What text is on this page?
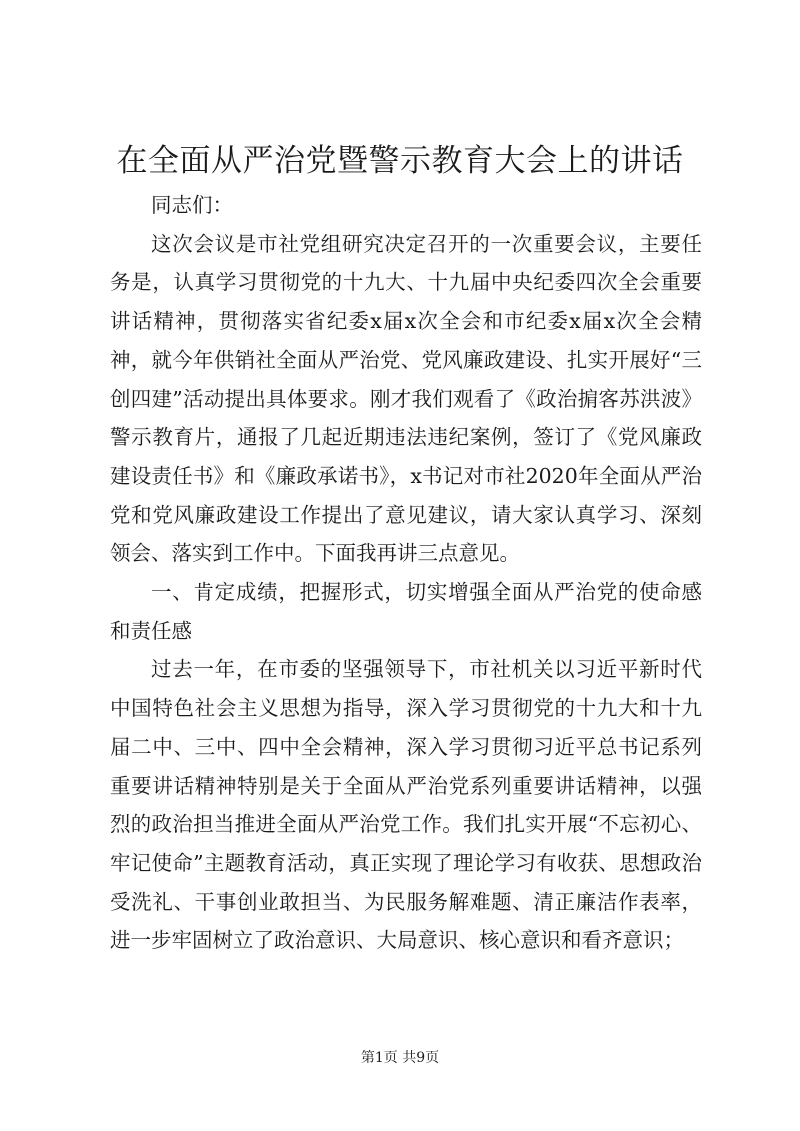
在全面从严治党暨警示教育大会上的讲话

同志们：

这次会议是市社党组研究决定召开的一次重要会议，主要任务是，认真学习贯彻党的十九大、十九届中央纪委四次全会重要讲话精神，贯彻落实省纪委x届x次全会和市纪委x届x次全会精神，就今年供销社全面从严治党、党风廉政建设、扎实开展好“三创四建”活动提出具体要求。刚才我们观看了《政治掮客苏洪波》警示教育片，通报了几起近期违法违纪案例，签订了《党风廉政建设责任书》和《廉政承诺书》，x书记对市社2020年全面从严治党和党风廉政建设工作提出了意见建议，请大家认真学习、深刻领会、落实到工作中。下面我再讲三点意见。

一、肯定成绩，把握形式，切实增强全面从严治党的使命感和责任感

过去一年，在市委的坚强领导下，市社机关以习近平新时代中国特色社会主义思想为指导，深入学习贯彻党的十九大和十九届二中、三中、四中全会精神，深入学习贯彻习近平总书记系列重要讲话精神特别是关于全面从严治党系列重要讲话精神，以强烈的政治担当推进全面从严治党工作。我们扎实开展“不忘初心、牢记使命”主题教育活动，真正实现了理论学习有收获、思想政治受洗礼、干事创业敢担当、为民服务解难题、清正廉洁作表率，进一步牢固树立了政治意识、大局意识、核心意识和看齐意识；

第1页 共9页
